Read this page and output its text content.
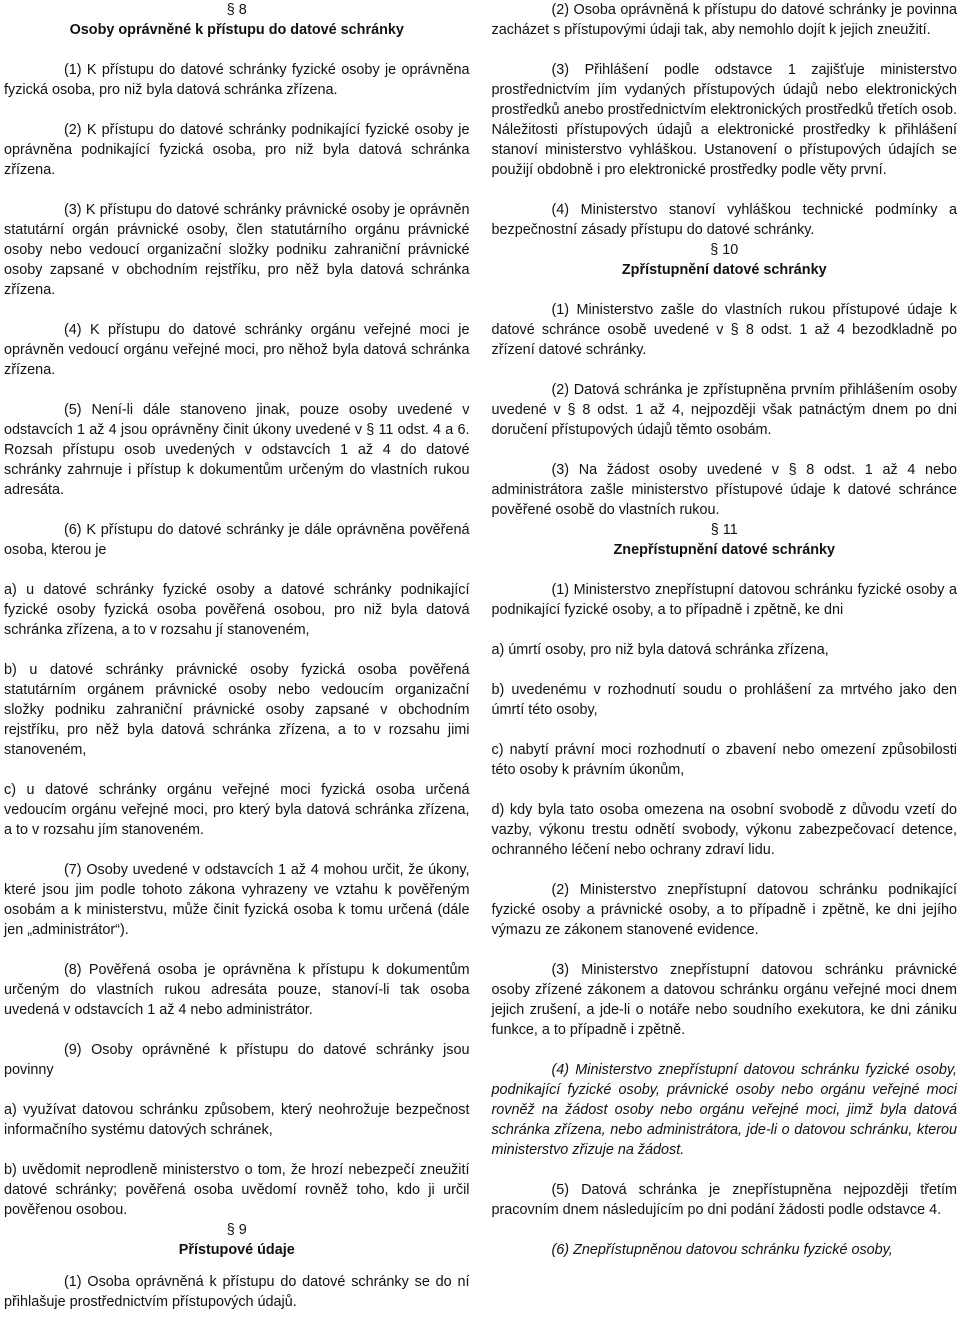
§ 8

Osoby oprávněné k přístupu do datové schránky

(1) K přístupu do datové schránky fyzické osoby je oprávněna fyzická osoba, pro niž byla datová schránka zřízena.

(2) K přístupu do datové schránky podnikající fyzické osoby je oprávněna podnikající fyzická osoba, pro niž byla datová schránka zřízena.

(3) K přístupu do datové schránky právnické osoby je oprávněn statutární orgán právnické osoby, člen statutárního orgánu právnické osoby nebo vedoucí organizační složky podniku zahraniční právnické osoby zapsané v obchodním rejstříku, pro něž byla datová schránka zřízena.

(4) K přístupu do datové schránky orgánu veřejné moci je oprávněn vedoucí orgánu veřejné moci, pro něhož byla datová schránka zřízena.

(5) Není-li dále stanoveno jinak, pouze osoby uvedené v odstavcích 1 až 4 jsou oprávněny činit úkony uvedené v § 11 odst. 4 a 6. Rozsah přístupu osob uvedených v odstavcích 1 až 4 do datové schránky zahrnuje i přístup k dokumentům určeným do vlastních rukou adresáta.

(6) K přístupu do datové schránky je dále oprávněna pověřená osoba, kterou je

a) u datové schránky fyzické osoby a datové schránky podnikající fyzické osoby fyzická osoba pověřená osobou, pro niž byla datová schránka zřízena, a to v rozsahu jí stanoveném,

b) u datové schránky právnické osoby fyzická osoba pověřená statutárním orgánem právnické osoby nebo vedoucím organizační složky podniku zahraniční právnické osoby zapsané v obchodním rejstříku, pro něž byla datová schránka zřízena, a to v rozsahu jimi stanoveném,

c) u datové schránky orgánu veřejné moci fyzická osoba určená vedoucím orgánu veřejné moci, pro který byla datová schránka zřízena, a to v rozsahu jím stanoveném.

(7) Osoby uvedené v odstavcích 1 až 4 mohou určit, že úkony, které jsou jim podle tohoto zákona vyhrazeny ve vztahu k pověřeným osobám a k ministerstvu, může činit fyzická osoba k tomu určená (dále jen „administrátor“).

(8) Pověřená osoba je oprávněna k přístupu k dokumentům určeným do vlastních rukou adresáta pouze, stanoví-li tak osoba uvedená v odstavcích 1 až 4 nebo administrátor.

(9) Osoby oprávněné k přístupu do datové schránky jsou povinny

a) využívat datovou schránku způsobem, který neohrožuje bezpečnost informačního systému datových schránek,

b) uvědomit neprodleně ministerstvo o tom, že hrozí nebezpečí zneužití datové schránky; pověřená osoba uvědomí rovněž toho, kdo ji určil pověřenou osobou.

§ 9

Přístupové údaje

(1) Osoba oprávněná k přístupu do datové schránky se do ní přihlašuje prostřednictvím přístupových údajů.

(2) Osoba oprávněná k přístupu do datové schránky je povinna zacházet s přístupovými údaji tak, aby nemohlo dojít k jejich zneužití.

(3) Přihlášení podle odstavce 1 zajišťuje ministerstvo prostřednictvím jím vydaných přístupových údajů nebo elektronických prostředků anebo prostřednictvím elektronických prostředků třetích osob. Náležitosti přístupových údajů a elektronické prostředky k přihlášení stanoví ministerstvo vyhláškou. Ustanovení o přístupových údajích se použijí obdobně i pro elektronické prostředky podle věty první.

(4) Ministerstvo stanoví vyhláškou technické podmínky a bezpečnostní zásady přístupu do datové schránky.

§ 10

Zpřístupnění datové schránky

(1) Ministerstvo zašle do vlastních rukou přístupové údaje k datové schránce osobě uvedené v § 8 odst. 1 až 4 bezodkladně po zřízení datové schránky.

(2) Datová schránka je zpřístupněna prvním přihlášením osoby uvedené v § 8 odst. 1 až 4, nejpozději však patnáctým dnem po dni doručení přístupových údajů těmto osobám.

(3) Na žádost osoby uvedené v § 8 odst. 1 až 4 nebo administrátora zašle ministerstvo přístupové údaje k datové schránce pověřené osobě do vlastních rukou.

§ 11

Znepřístupnění datové schránky

(1) Ministerstvo znepřístupní datovou schránku fyzické osoby a podnikající fyzické osoby, a to případně i zpětně, ke dni

a) úmrtí osoby, pro niž byla datová schránka zřízena,

b) uvedenému v rozhodnutí soudu o prohlášení za mrtvého jako den úmrtí této osoby,

c) nabytí právní moci rozhodnutí o zbavení nebo omezení způsobilosti této osoby k právním úkonům,

d) kdy byla tato osoba omezena na osobní svobodě z důvodu vzetí do vazby, výkonu trestu odnětí svobody, výkonu zabezpečovací detence, ochranného léčení nebo ochrany zdraví lidu.

(2) Ministerstvo znepřístupní datovou schránku podnikající fyzické osoby a právnické osoby, a to případně i zpětně, ke dni jejího výmazu ze zákonem stanovené evidence.

(3) Ministerstvo znepřístupní datovou schránku právnické osoby zřízené zákonem a datovou schránku orgánu veřejné moci dnem jejich zrušení, a jde-li o notáře nebo soudního exekutora, ke dni zániku funkce, a to případně i zpětně.

(4) Ministerstvo znepřístupní datovou schránku fyzické osoby, podnikající fyzické osoby, právnické osoby nebo orgánu veřejné moci rovněž na žádost osoby nebo orgánu veřejné moci, jimž byla datová schránka zřízena, nebo administrátora, jde-li o datovou schránku, kterou ministerstvo zřizuje na žádost.

(5) Datová schránka je znepřístupněna nejpozději třetím pracovním dnem následujícím po dni podání žádosti podle odstavce 4.

(6) Znepřístupněnou datovou schránku fyzické osoby,
